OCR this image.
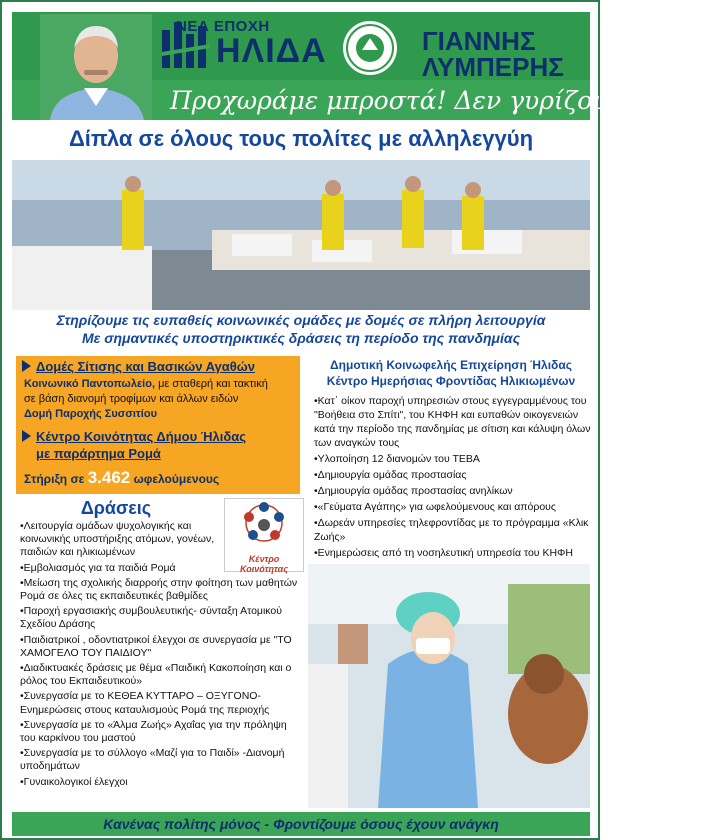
ΝΕΑ ΕΠΟΧΗ
ΗΛΙΔΑ	ΓΙΑΝΝΗΣ
ΛΥΜΠΕΡΗΣ
Προχωράμε μπροστά! Δεν γυρίζουμε πίσω!
Δίπλα σε όλους τους πολίτες με αλληλεγγύη
Στηρίζουμε τις ευπαθείς κοινωνικές ομάδες με δομές σε πλήρη λειτουργία
Με σημαντικές υποστηρικτικές δράσεις τη περίοδο της πανδημίας
Δομές Σίτισης και Βασικών Αγαθών
Κοινωνικό Παντοπωλείο, με σταθερή και τακτική
σε βάση διανομή τροφίμων και άλλων ειδών
Δομή Παροχής Συσσιτίου
Κέντρο Κοινότητας Δήμου Ήλιδας
με παράρτημα Ρομά
Στήριξη σε 3.462 ωφελούμενους
Δημοτική Κοινωφελής Επιχείρηση Ήλιδας
Κέντρο Ημερήσιας Φροντίδας Ηλικιωμένων
•Κατ΄ οίκον παροχή υπηρεσιών στους εγγεγραμμένους του "Βοήθεια στο Σπίτι", του ΚΗΦΗ και ευπαθών οικογενειών κατά την περίοδο της πανδημίας με σίτιση και κάλυψη όλων των αναγκών τους
•Υλοποίηση 12 διανομών του ΤΕΒΑ
•Δημιουργία ομάδας προστασίας
•Δημιουργία ομάδας προστασίας ανηλίκων
•«Γεύματα Αγάπης» για ωφελούμενους και απόρους
•Δωρεάν υπηρεσίες τηλεφροντίδας με το πρόγραμμα «Κλικ Ζωής»
•Ενημερώσεις από τη νοσηλευτική υπηρεσία του ΚΗΦΗ
Δράσεις
Κέντρο Κοινότητας
•Λειτουργία ομάδων ψυχολογικής και κοινωνικής υποστήριξης ατόμων, γονέων, παιδιών και ηλικιωμένων
•Εμβολιασμός για τα παιδιά Ρομά
•Μείωση της σχολικής διαρροής στην φοίτηση των μαθητών Ρομά σε όλες τις εκπαιδευτικές βαθμίδες
•Παροχή εργασιακής συμβουλευτικής- σύνταξη Ατομικού Σχεδίου Δράσης
•Παιδιατρικοί , οδοντιατρικοί έλεγχοι σε συνεργασία με "ΤΟ ΧΑΜΟΓΕΛΟ ΤΟΥ ΠΑΙΔΙΟΥ"
•Διαδικτυακές δράσεις με θέμα «Παιδική Κακοποίηση και ο ρόλος του Εκπαιδευτικού»
•Συνεργασία με το ΚΕΘΕΑ ΚΥΤΤΑΡΟ – ΟΞΥΓΟΝΟ- Ενημερώσεις στους καταυλισμούς Ρομά της περιοχής
•Συνεργασία με το «Άλμα Ζωής» Αχαΐας για την πρόληψη του καρκίνου του μαστού
•Συνεργασία με το σύλλογο «Μαζί για το Παιδί» -Διανομή υποδημάτων
•Γυναικολογικοί έλεγχοι
Κανένας πολίτης μόνος - Φροντίζουμε όσους έχουν ανάγκη
